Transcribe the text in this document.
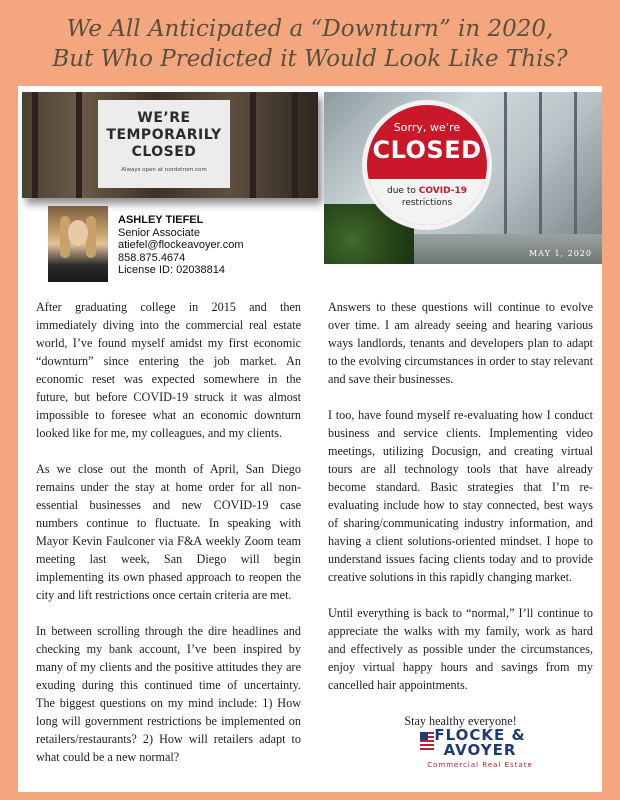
We All Anticipated a “Downturn” in 2020,
But Who Predicted it Would Look Like This?
WE’RE
TEMPORARILY
CLOSED
Always open at nordstrom.com
Sorry, we’re
CLOSED
due to COVID-19
restrictions
MAY 1, 2020
ASHLEY TIEFEL
Senior Associate
atiefel@flockeavoyer.com
858.875.4674
License ID: 02038814

After graduating college in 2015 and then immediately diving into the commercial real estate world, I’ve found myself amidst my first economic “downturn” since entering the job market. An economic reset was expected somewhere in the future, but before COVID-19 struck it was almost impossible to foresee what an economic downturn looked like for me, my colleagues, and my clients.

As we close out the month of April, San Diego remains under the stay at home order for all non-essential businesses and new COVID-19 case numbers continue to fluctuate. In speaking with Mayor Kevin Faulconer via F&A weekly Zoom team meeting last week, San Diego will begin implementing its own phased approach to reopen the city and lift restrictions once certain criteria are met.

In between scrolling through the dire headlines and checking my bank account, I’ve been inspired by many of my clients and the positive attitudes they are exuding during this continued time of uncertainty. The biggest questions on my mind include: 1) How long will government restrictions be implemented on retailers/restaurants? 2) How will retailers adapt to what could be a new normal?

Answers to these questions will continue to evolve over time. I am already seeing and hearing various ways landlords, tenants and developers plan to adapt to the evolving circumstances in order to stay relevant and save their businesses.

I too, have found myself re-evaluating how I conduct business and service clients. Implementing video meetings, utilizing Docusign, and creating virtual tours are all technology tools that have already become standard. Basic strategies that I’m re-evaluating include how to stay connected, best ways of sharing/communicating industry information, and having a client solutions-oriented mindset. I hope to understand issues facing clients today and to provide creative solutions in this rapidly changing market.

Until everything is back to “normal,” I’ll continue to appreciate the walks with my family, work as hard and effectively as possible under the circumstances, enjoy virtual happy hours and savings from my cancelled hair appointments.

Stay healthy everyone!

FLOCKE &
AVOYER
Commercial Real Estate
